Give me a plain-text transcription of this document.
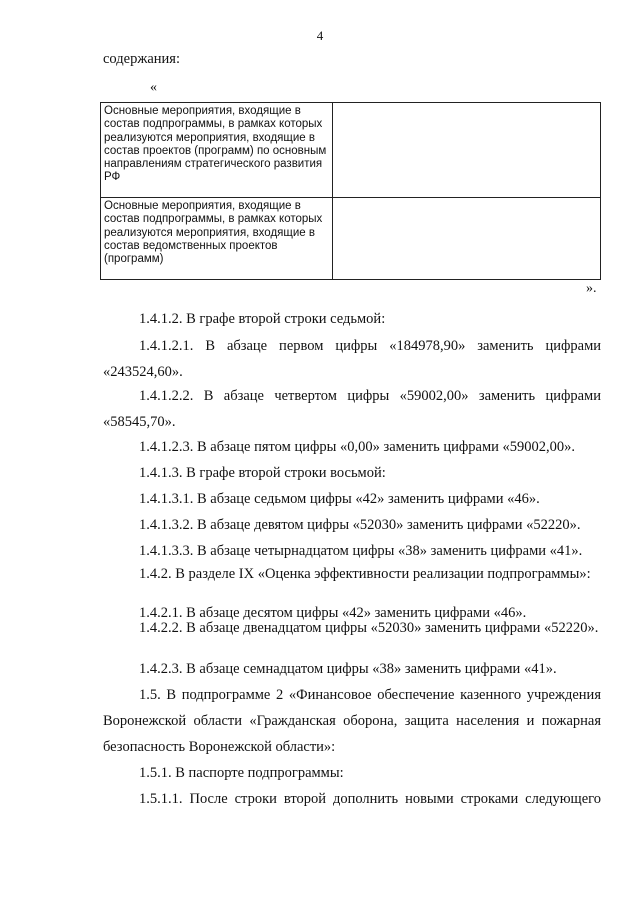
4
содержания:
«
Основные мероприятия, входящие в состав подпрограммы, в рамках которых реализуются мероприятия, входящие в состав проектов (программ) по основным направлениям стратегического развития РФ	
Основные мероприятия, входящие в состав подпрограммы, в рамках которых реализуются мероприятия, входящие в состав ведомственных проектов (программ)	
».
1.4.1.2. В графе второй строки седьмой:
1.4.1.2.1. В абзаце первом цифры «184978,90» заменить цифрами «243524,60».
1.4.1.2.2. В абзаце четвертом цифры «59002,00» заменить цифрами «58545,70».
1.4.1.2.3. В абзаце пятом цифры «0,00» заменить цифрами «59002,00».
1.4.1.3. В графе второй строки восьмой:
1.4.1.3.1. В абзаце седьмом цифры «42» заменить цифрами «46».
1.4.1.3.2. В абзаце девятом цифры «52030» заменить цифрами «52220».
1.4.1.3.3. В абзаце четырнадцатом цифры «38» заменить цифрами «41».
1.4.2. В разделе IX «Оценка эффективности реализации подпрограммы»:
1.4.2.1. В абзаце десятом цифры «42» заменить цифрами «46».
1.4.2.2. В абзаце двенадцатом цифры «52030» заменить цифрами «52220».
1.4.2.3. В абзаце семнадцатом цифры «38» заменить цифрами «41».
1.5. В подпрограмме 2 «Финансовое обеспечение казенного учреждения Воронежской области «Гражданская оборона, защита населения и пожарная безопасность Воронежской области»:
1.5.1. В паспорте подпрограммы:
1.5.1.1. После строки второй дополнить новыми строками следующего
